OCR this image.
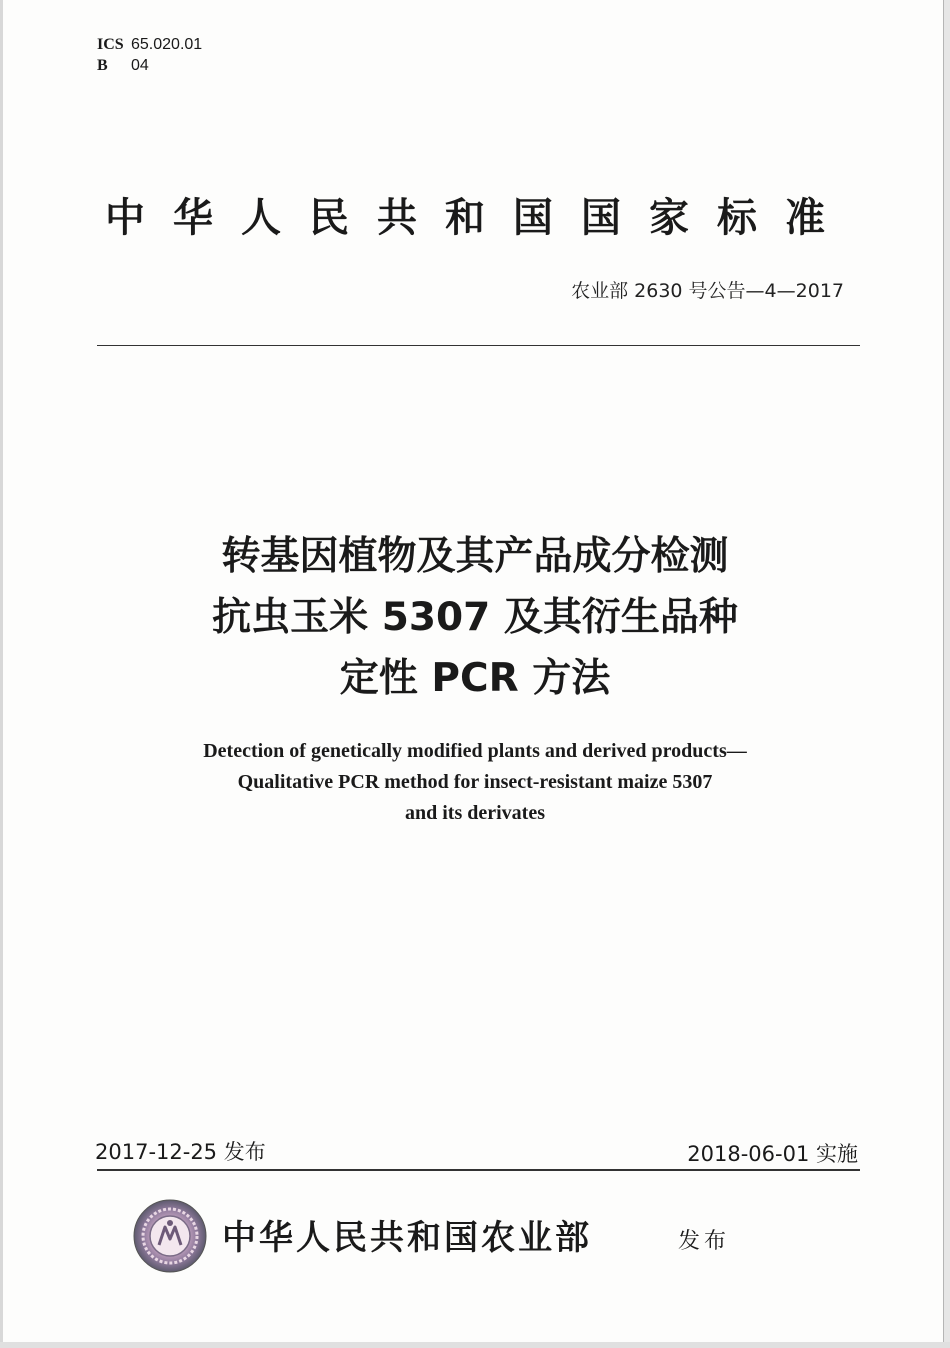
ICS 65.020.01
B 04
中华人民共和国国家标准
农业部 2630 号公告—4—2017
转基因植物及其产品成分检测
抗虫玉米 5307 及其衍生品种
定性 PCR 方法
Detection of genetically modified plants and derived products—
Qualitative PCR method for insect-resistant maize 5307
and its derivates
2017-12-25 发布	2018-06-01 实施
中华人民共和国农业部	发布
